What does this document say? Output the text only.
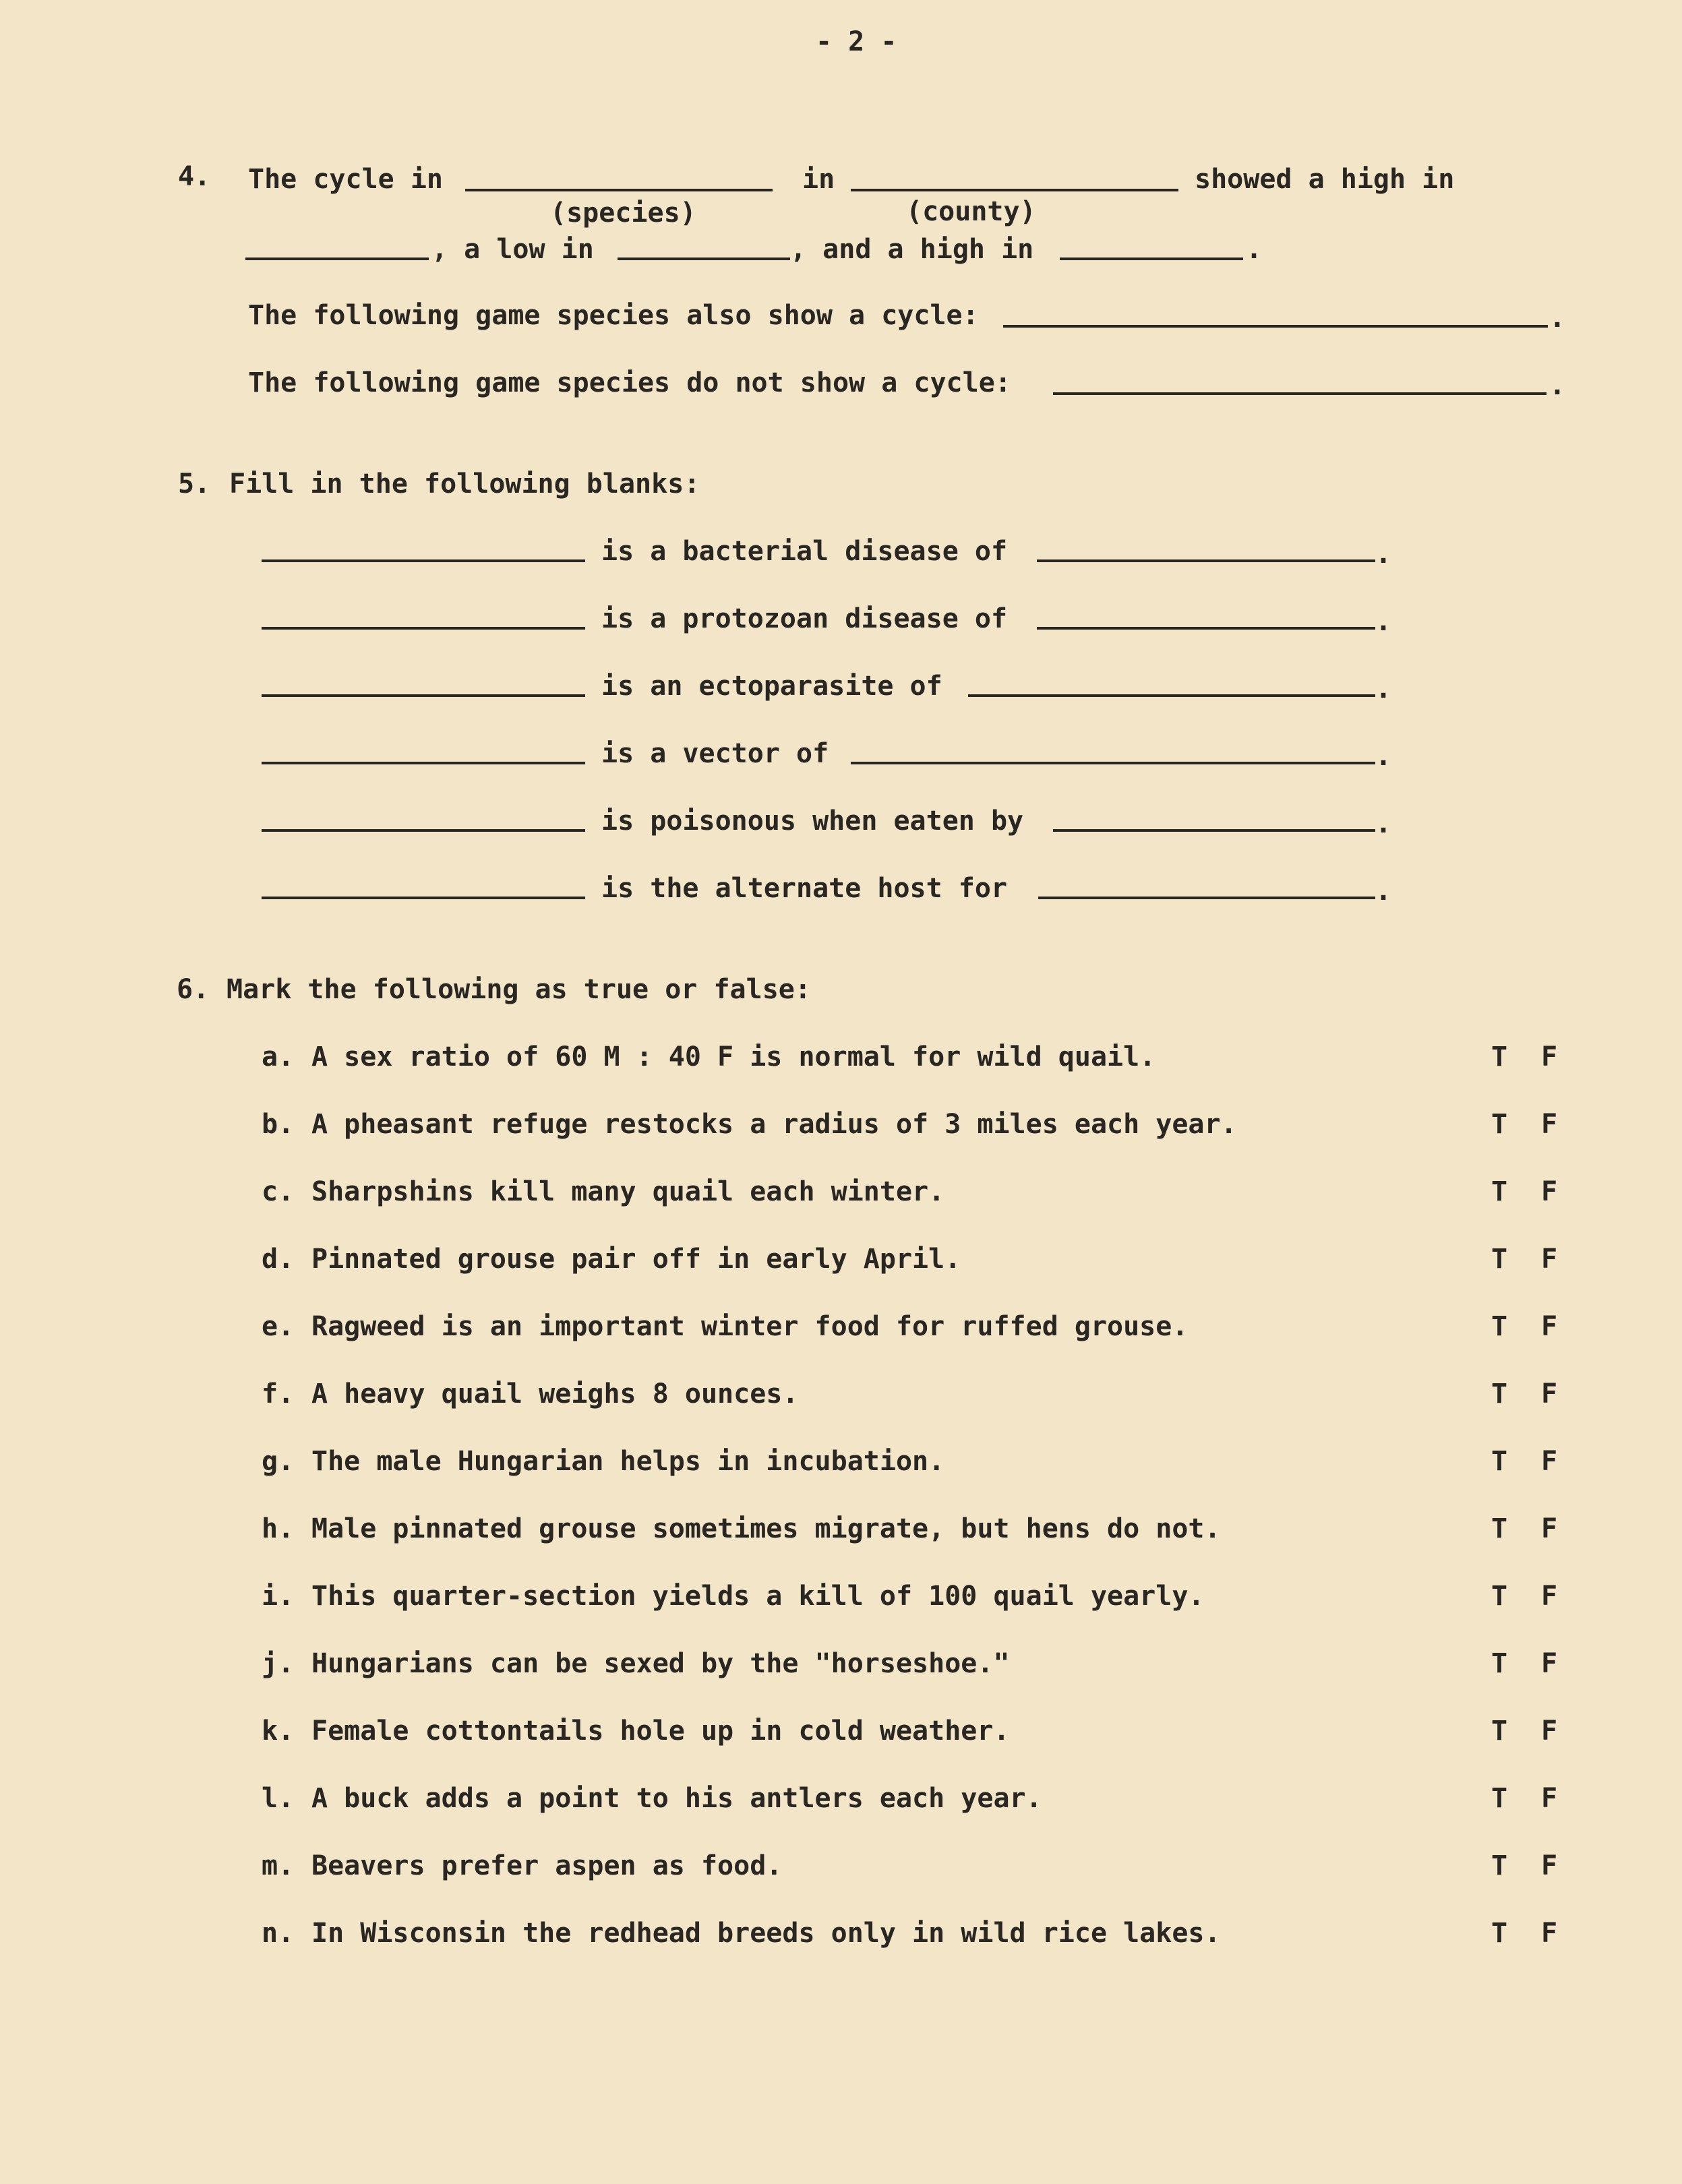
- 2 -
4. The cycle in	in	showed a high in
(species)	(county)
, a low in	, and a high in	.
The following game species also show a cycle:	.
The following game species do not show a cycle:	.
5. Fill in the following blanks:
is a bacterial disease of	.
is a protozoan disease of	.
is an ectoparasite of	.
is a vector of	.
is poisonous when eaten by	.
is the alternate host for	.
6. Mark the following as true or false:
a. A sex ratio of 60 M : 40 F is normal for wild quail.	T F
b. A pheasant refuge restocks a radius of 3 miles each year.	T F
c. Sharpshins kill many quail each winter.	T F
d. Pinnated grouse pair off in early April.	T F
e. Ragweed is an important winter food for ruffed grouse.	T F
f. A heavy quail weighs 8 ounces.	T F
g. The male Hungarian helps in incubation.	T F
h. Male pinnated grouse sometimes migrate, but hens do not.	T F
i. This quarter-section yields a kill of 100 quail yearly.	T F
j. Hungarians can be sexed by the "horseshoe."	T F
k. Female cottontails hole up in cold weather.	T F
l. A buck adds a point to his antlers each year.	T F
m. Beavers prefer aspen as food.	T F
n. In Wisconsin the redhead breeds only in wild rice lakes.	T F
